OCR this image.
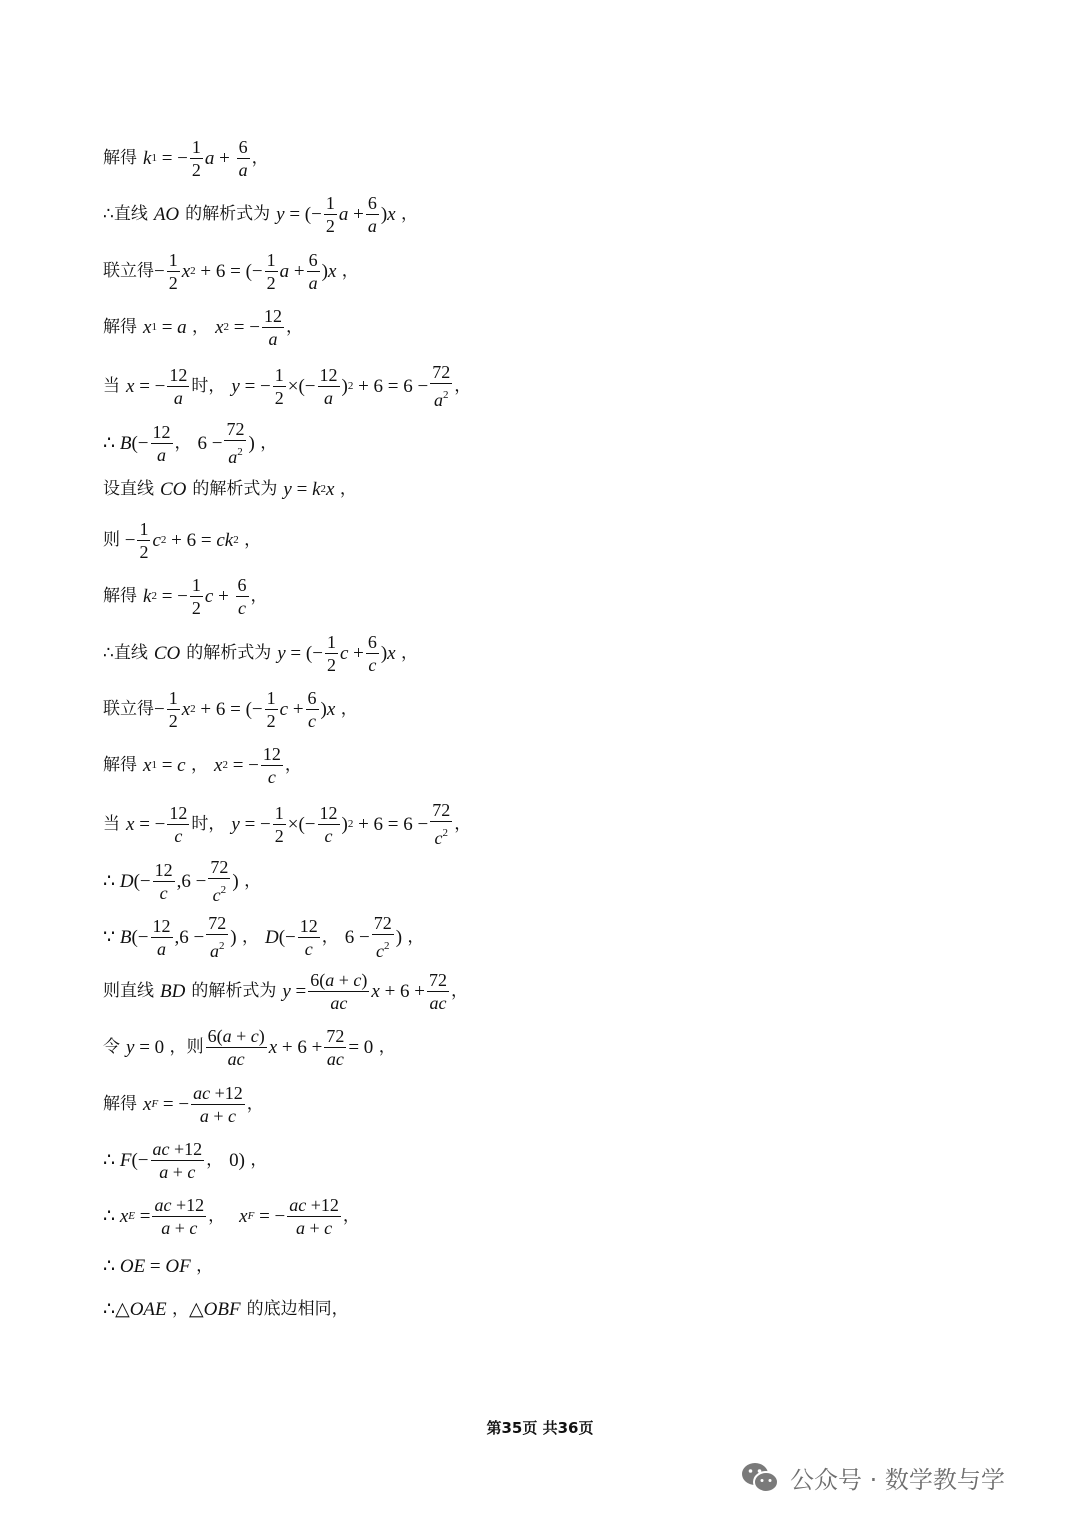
解得 k 1 = − $\frac{1}{2}$ $a + \frac{6}{a}$ ，
∴直线 AO 的解析式为 y = (− $\frac{1}{2}$ $a + \frac{6}{a}$ ) x ，
联立得 − $\frac{1}{2}$ x 2 + 6 = (− $\frac{1}{2}$ $a + \frac{6}{a}$ ) x ，
解得 x 1 = a ， x 2 = − $\frac{12}{a}$ ，
当 x = − $\frac{12}{a}$ 时， y = − $\frac{1}{2}$ ×(− $\frac{12}{a}$ ) $2 + 6 = 6 - \frac{72}{a^2}$ ，
∴ B (− $\frac{12}{a}$ ， $6 - \frac{72}{a^2}$ ) ，
设直线 CO 的解析式为 y = k 2 x ，
则 − $\frac{1}{2}$ c 2 + 6 = ck 2 ，
解得 k 2 = − $\frac{1}{2}$ $c + \frac{6}{c}$ ，
∴直线 CO 的解析式为 y = (− $\frac{1}{2}$ $c + \frac{6}{c}$ ) x ，
联立得 − $\frac{1}{2}$ x 2 + 6 = (− $\frac{1}{2}$ $c + \frac{6}{c}$ ) x ，
解得 x 1 = c ， x 2 = − $\frac{12}{c}$ ，
当 x = − $\frac{12}{c}$ 时， y = − $\frac{1}{2}$ ×(− $\frac{12}{c}$ ) $2 + 6 = 6 - \frac{72}{c^2}$ ，
∴ D (− $\frac{12}{c} ,6 - \frac{72}{c^2}$ ) ，
∵ B (− $\frac{12}{a} ,6 - \frac{72}{a^2}$ ) ， D (− $\frac{12}{c}$ ， $6 - \frac{72}{c^2}$ ) ，
则直线 BD 的解析式为 $y = \frac{6(a + c)}{ac}$ $x + 6 + \frac{72}{ac}$ ，
令 y = 0 ， 则 $\frac{6(a + c)}{ac}$ $x + 6 + \frac{72}{ac} = 0$ ，
解得 x F = − $\frac{ac +12}{a + c}$ ，
∴ F (− $\frac{ac +12}{a + c}$ ， 0) ，
∴ x $E = \frac{ac +12}{a + c}$ ， x F = − $\frac{ac +12}{a + c}$ ，
∴ OE = OF ，
∴△ OAE ， △ OBF 的底边相同，
第35页 共36页
公众号 · 数学教与学
